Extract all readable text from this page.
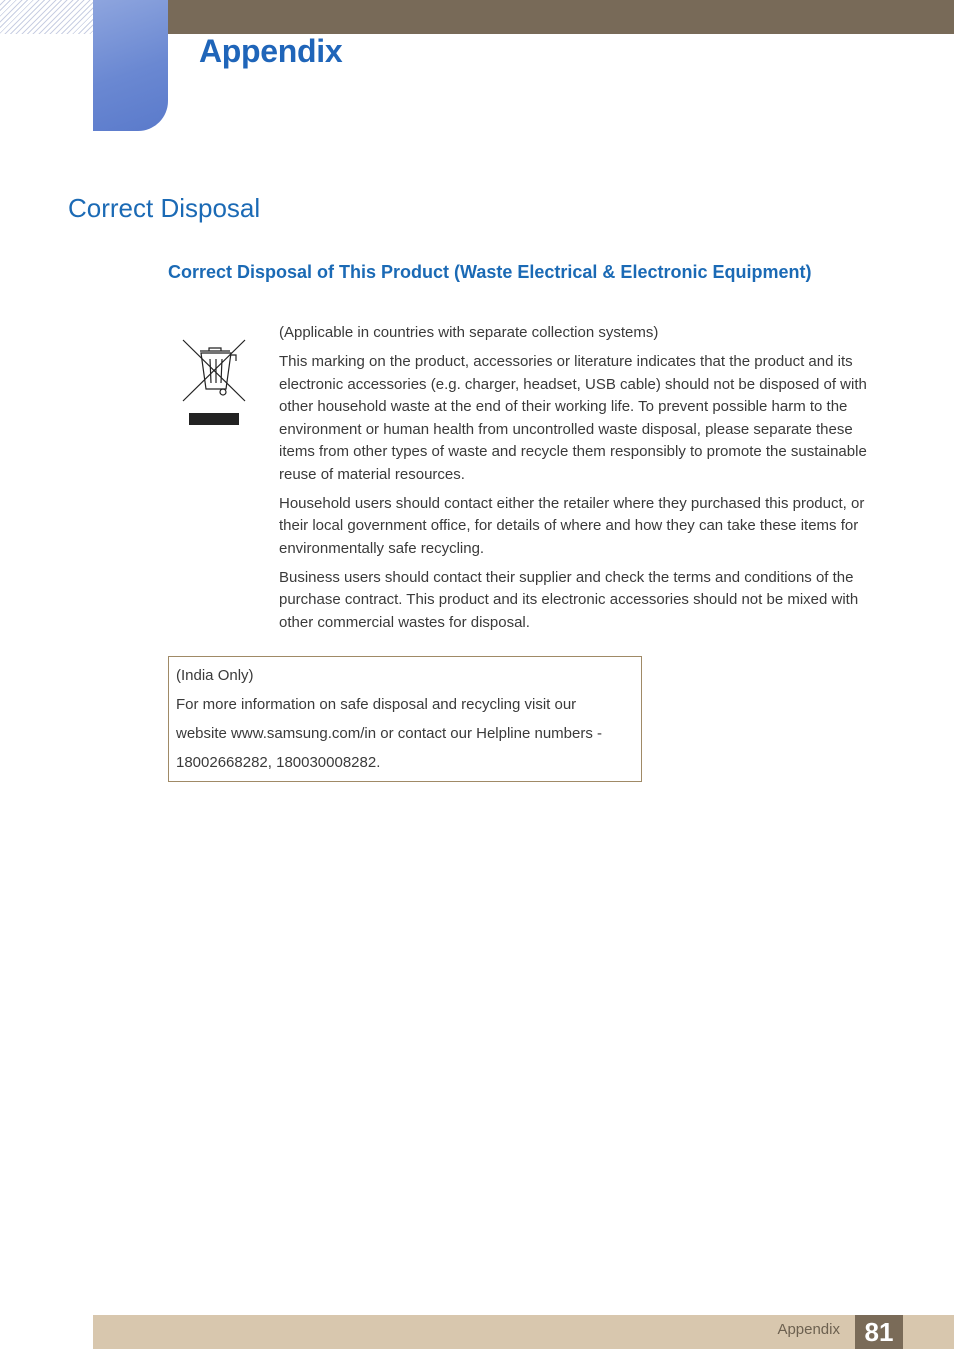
Appendix
Correct Disposal
Correct Disposal of This Product (Waste Electrical & Electronic Equipment)

(Applicable in countries with separate collection systems)

This marking on the product, accessories or literature indicates that the product and its electronic accessories (e.g. charger, headset, USB cable) should not be disposed of with other household waste at the end of their working life. To prevent possible harm to the environment or human health from uncontrolled waste disposal, please separate these items from other types of waste and recycle them responsibly to promote the sustainable reuse of material resources.

Household users should contact either the retailer where they purchased this product, or their local government office, for details of where and how they can take these items for environmentally safe recycling.

Business users should contact their supplier and check the terms and conditions of the purchase contract. This product and its electronic accessories should not be mixed with other commercial wastes for disposal.

(India Only)

For more information on safe disposal and recycling visit our

website www.samsung.com/in or contact our Helpline numbers -

18002668282, 180030008282.

Appendix 81
